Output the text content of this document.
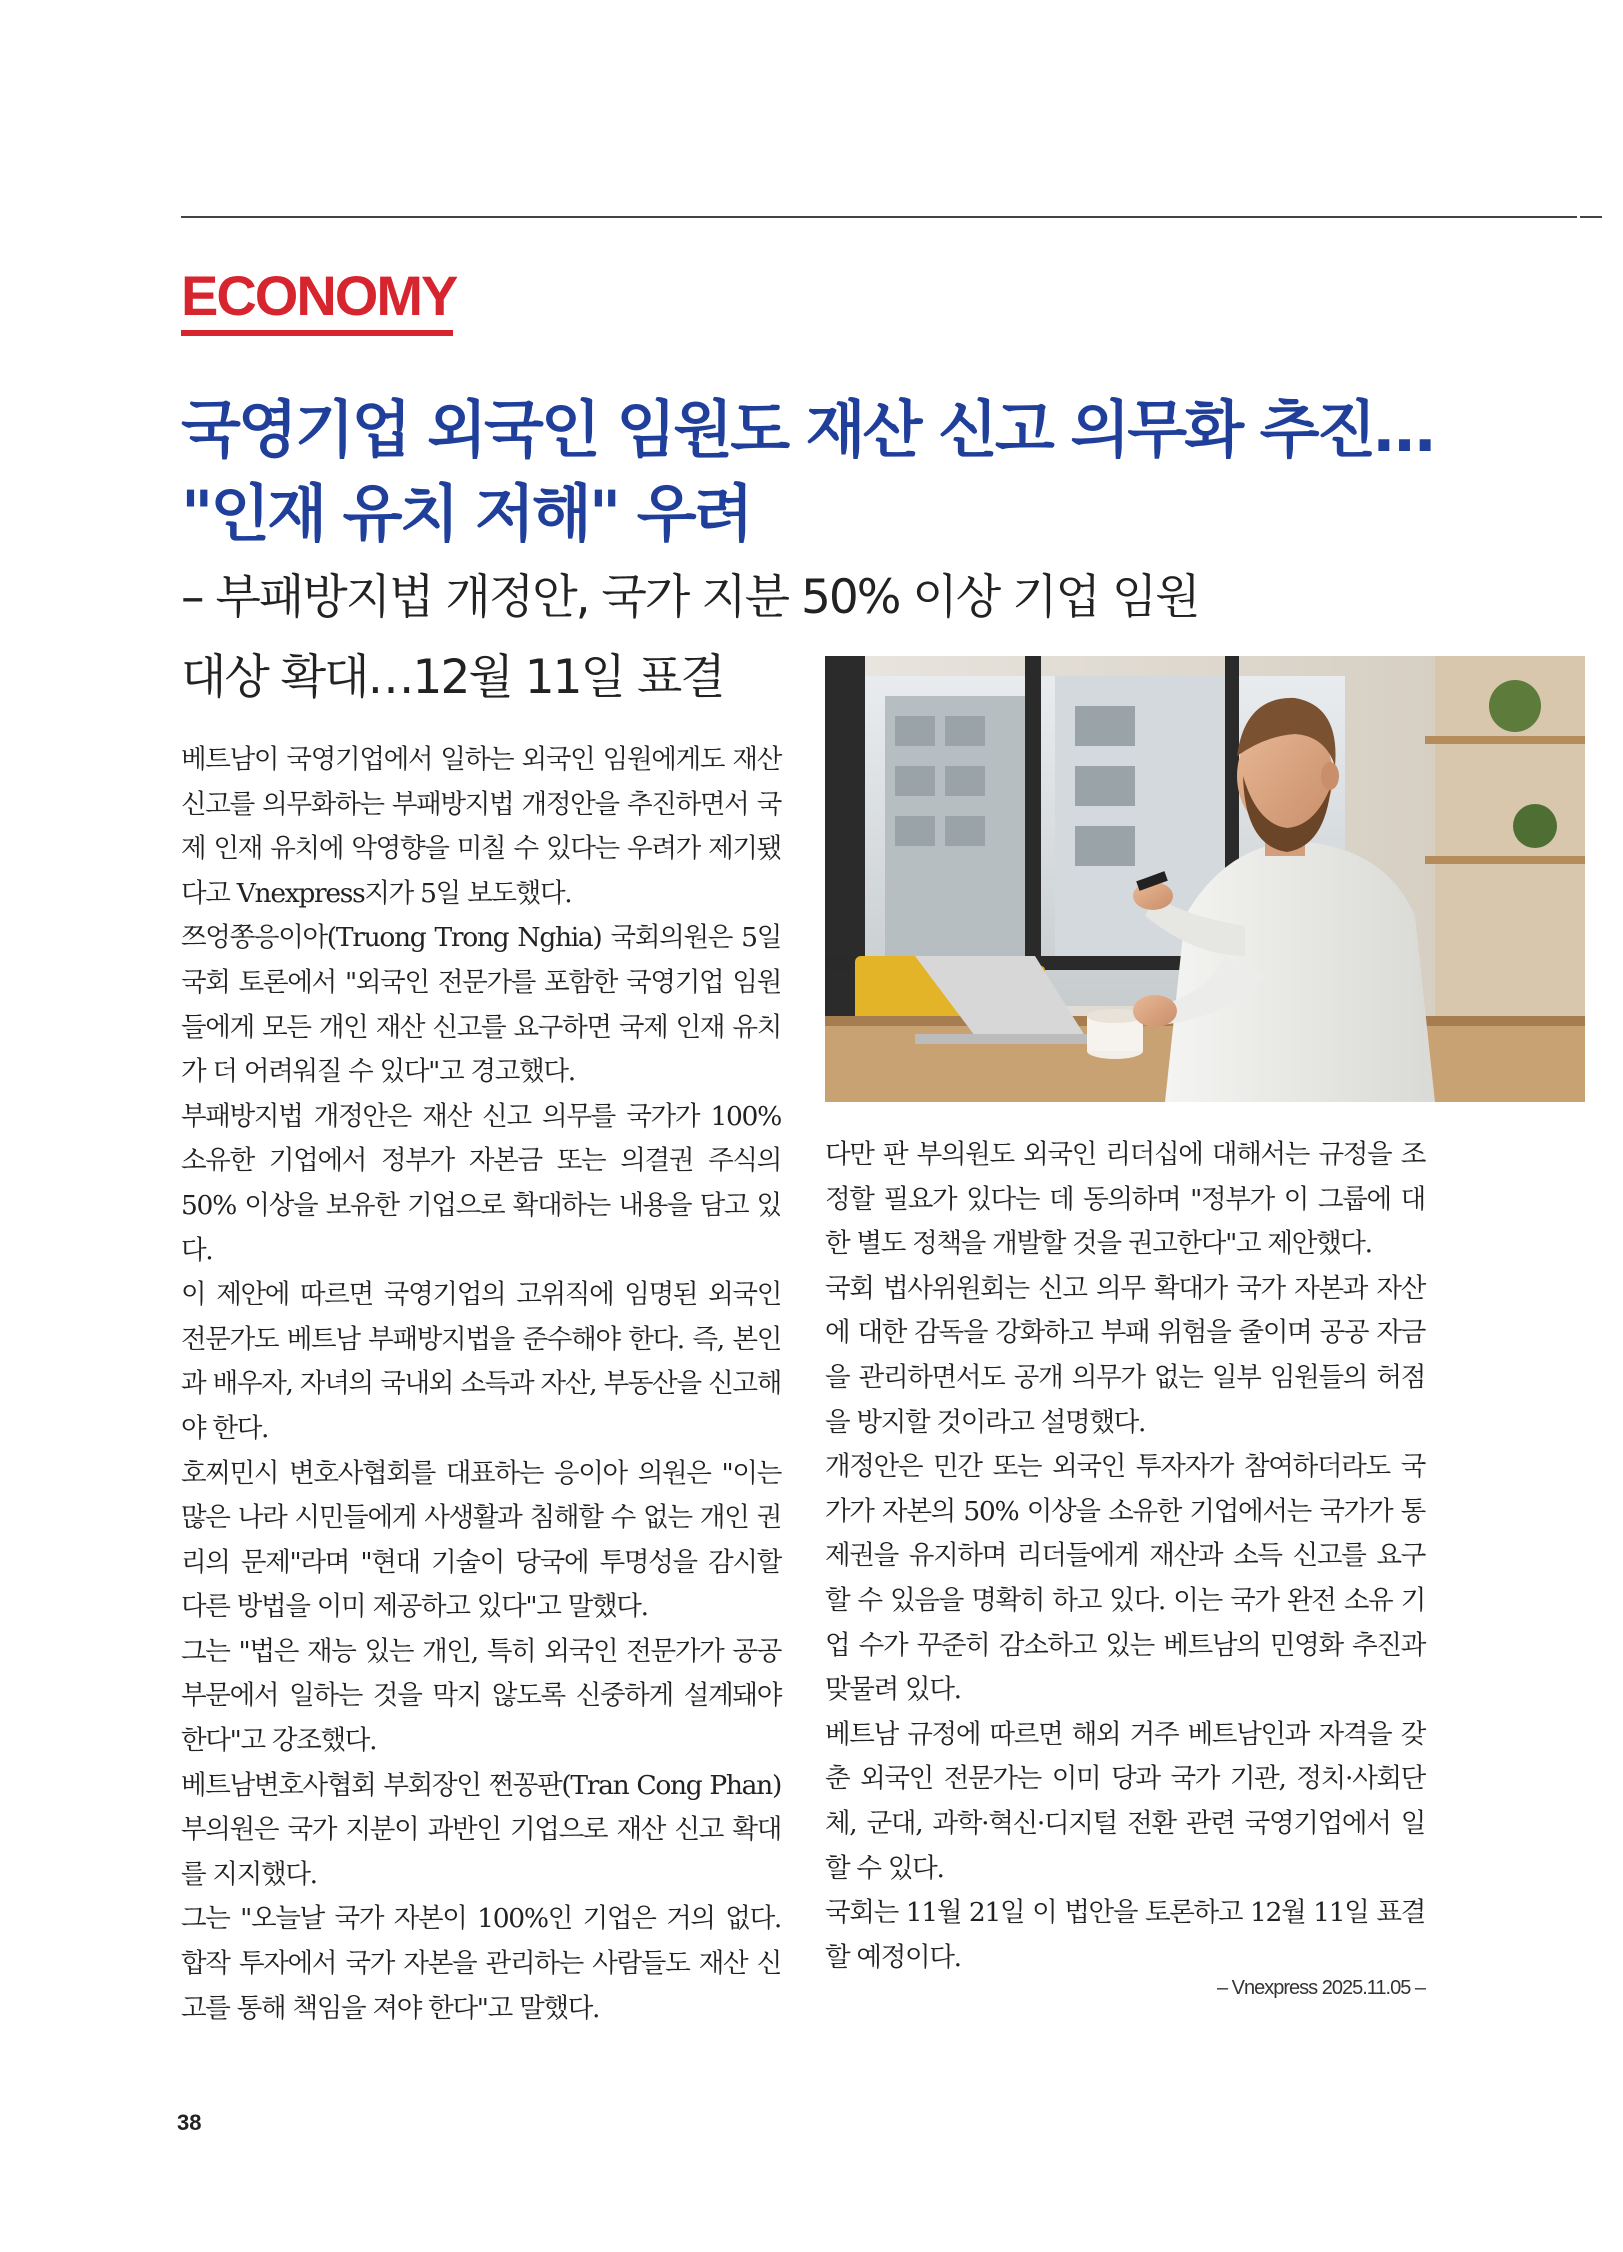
ECONOMY
국영기업 외국인 임원도 재산 신고 의무화 추진…
"인재 유치 저해" 우려
– 부패방지법 개정안, 국가 지분 50% 이상 기업 임원
대상 확대…12월 11일 표결

베트남이 국영기업에서 일하는 외국인 임원에게도 재산 신고를 의무화하는 부패방지법 개정안을 추진하면서 국제 인재 유치에 악영향을 미칠 수 있다는 우려가 제기됐다고 Vnexpress지가 5일 보도했다.

쯔엉쫑응이아(Truong Trong Nghia) 국회의원은 5일 국회 토론에서 "외국인 전문가를 포함한 국영기업 임원들에게 모든 개인 재산 신고를 요구하면 국제 인재 유치가 더 어려워질 수 있다"고 경고했다.

부패방지법 개정안은 재산 신고 의무를 국가가 100% 소유한 기업에서 정부가 자본금 또는 의결권 주식의 50% 이상을 보유한 기업으로 확대하는 내용을 담고 있다.

이 제안에 따르면 국영기업의 고위직에 임명된 외국인 전문가도 베트남 부패방지법을 준수해야 한다. 즉, 본인과 배우자, 자녀의 국내외 소득과 자산, 부동산을 신고해야 한다.

호찌민시 변호사협회를 대표하는 응이아 의원은 "이는 많은 나라 시민들에게 사생활과 침해할 수 없는 개인 권리의 문제"라며 "현대 기술이 당국에 투명성을 감시할 다른 방법을 이미 제공하고 있다"고 말했다.

그는 "법은 재능 있는 개인, 특히 외국인 전문가가 공공 부문에서 일하는 것을 막지 않도록 신중하게 설계돼야 한다"고 강조했다.

베트남변호사협회 부회장인 쩐꽁판(Tran Cong Phan) 부의원은 국가 지분이 과반인 기업으로 재산 신고 확대를 지지했다.

그는 "오늘날 국가 자본이 100%인 기업은 거의 없다. 합작 투자에서 국가 자본을 관리하는 사람들도 재산 신고를 통해 책임을 져야 한다"고 말했다.

다만 판 부의원도 외국인 리더십에 대해서는 규정을 조정할 필요가 있다는 데 동의하며 "정부가 이 그룹에 대한 별도 정책을 개발할 것을 권고한다"고 제안했다.

국회 법사위원회는 신고 의무 확대가 국가 자본과 자산에 대한 감독을 강화하고 부패 위험을 줄이며 공공 자금을 관리하면서도 공개 의무가 없는 일부 임원들의 허점을 방지할 것이라고 설명했다.

개정안은 민간 또는 외국인 투자자가 참여하더라도 국가가 자본의 50% 이상을 소유한 기업에서는 국가가 통제권을 유지하며 리더들에게 재산과 소득 신고를 요구할 수 있음을 명확히 하고 있다. 이는 국가 완전 소유 기업 수가 꾸준히 감소하고 있는 베트남의 민영화 추진과 맞물려 있다.

베트남 규정에 따르면 해외 거주 베트남인과 자격을 갖춘 외국인 전문가는 이미 당과 국가 기관, 정치·사회단체, 군대, 과학·혁신·디지털 전환 관련 국영기업에서 일할 수 있다.

국회는 11월 21일 이 법안을 토론하고 12월 11일 표결할 예정이다.

– Vnexpress 2025.11.05 –
38
